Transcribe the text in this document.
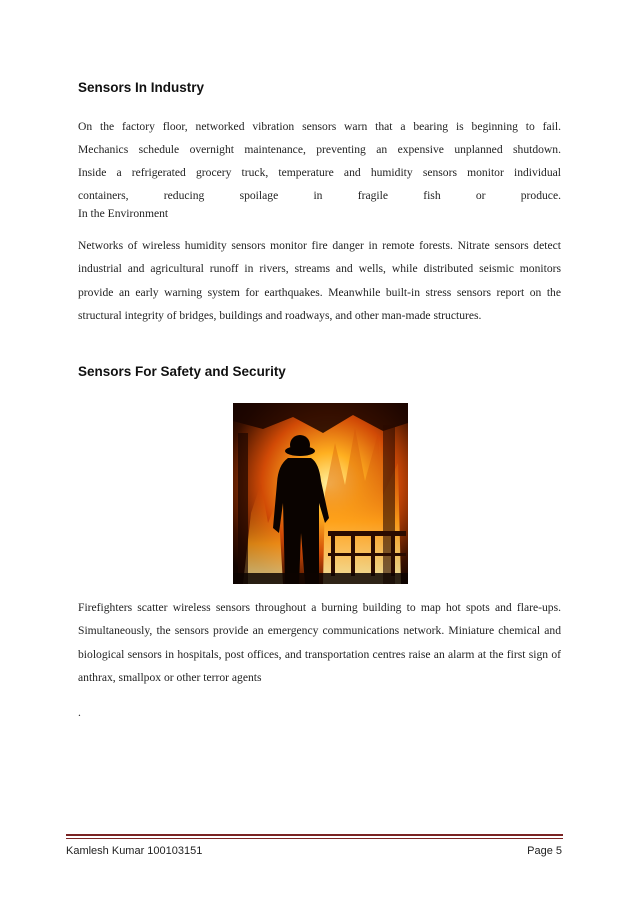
Sensors In Industry
On the factory floor, networked vibration sensors warn that a bearing is beginning to fail.
Mechanics schedule overnight maintenance, preventing an expensive unplanned shutdown.
Inside a refrigerated grocery truck, temperature and humidity sensors monitor individual
containers,	reducing	spoilage	in	fragile	fish	or	produce.
In the Environment

Networks of wireless humidity sensors monitor fire danger in remote forests. Nitrate sensors detect industrial and agricultural runoff in rivers, streams and wells, while distributed seismic monitors provide an early warning system for earthquakes. Meanwhile built-in stress sensors report on the structural integrity of bridges, buildings and roadways, and other man-made structures.

Sensors For Safety and Security

Firefighters scatter wireless sensors throughout a burning building to map hot spots and flare-ups. Simultaneously, the sensors provide an emergency communications network. Miniature chemical and biological sensors in hospitals, post offices, and transportation centres raise an alarm at the first sign of anthrax, smallpox or other terror agents

.
Kamlesh Kumar 100103151	Page 5
